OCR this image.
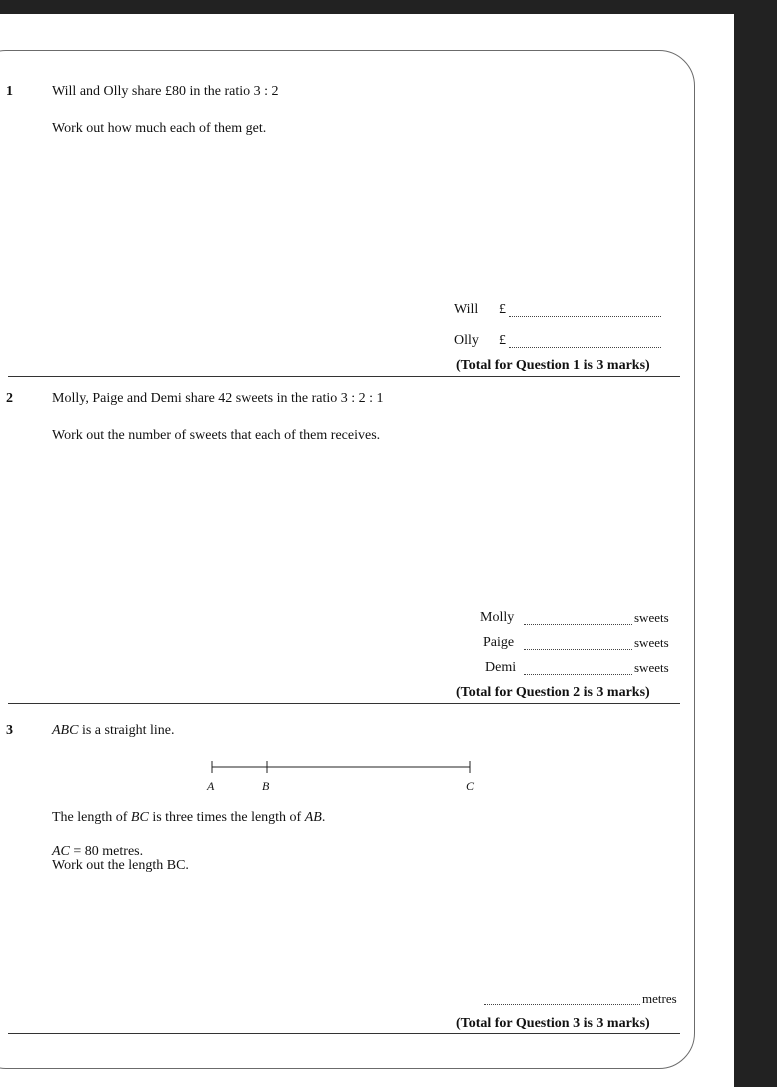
1	Will and Olly share £80 in the ratio 3 : 2
Work out how much each of them get.
Will £
Olly £
(Total for Question 1 is 3 marks)
2	Molly, Paige and Demi share 42 sweets in the ratio 3 : 2 : 1
Work out the number of sweets that each of them receives.
Molly	sweets
Paige	sweets
Demi	sweets
(Total for Question 2 is 3 marks)
3	ABC is a straight line.
A	B	C
The length of BC is three times the length of AB.
AC = 80 metres.
Work out the length BC.
metres
(Total for Question 3 is 3 marks)
